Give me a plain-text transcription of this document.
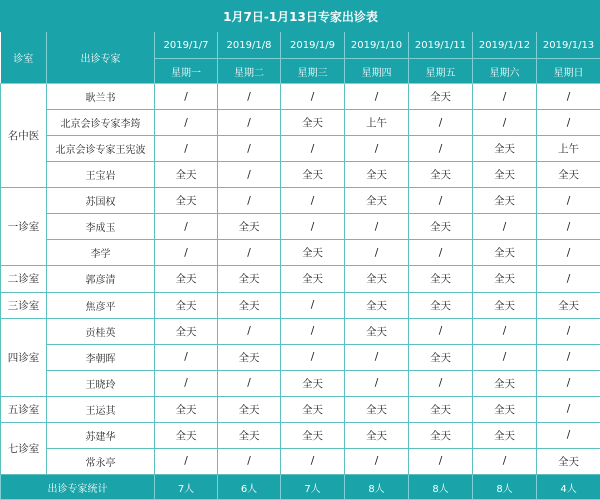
1月7日-1月13日专家出诊表								
诊室	出诊专家	2019/1/7	2019/1/8	2019/1/9	2019/1/10	2019/1/11	2019/1/12	2019/1/13
		星期一	星期二	星期三	星期四	星期五	星期六	星期日
名中医	耿兰书	/	/	/	/	全天	/	/
	北京会诊专家李筠	/	/	全天	上午	/	/	/
	北京会诊专家王宪波	/	/	/	/	/	全天	上午
	王宝岩	全天	/	全天	全天	全天	全天	全天
一诊室	苏国权	全天	/	/	全天	/	全天	/
	李成玉	/	全天	/	/	全天	/	/
	李学	/	/	全天	/	/	全天	/
二诊室	郭彦清	全天	全天	全天	全天	全天	全天	/
三诊室	焦彦平	全天	全天	/	全天	全天	全天	全天
四诊室	贡桂英	全天	/	/	全天	/	/	/
	李朝晖	/	全天	/	/	全天	/	/
	王晓玲	/	/	全天	/	/	全天	/
五诊室	王运其	全天	全天	全天	全天	全天	全天	/
七诊室	苏建华	全天	全天	全天	全天	全天	全天	/
	常永亭	/	/	/	/	/	/	全天
出诊专家统计		7人	6人	7人	8人	8人	8人	4人
